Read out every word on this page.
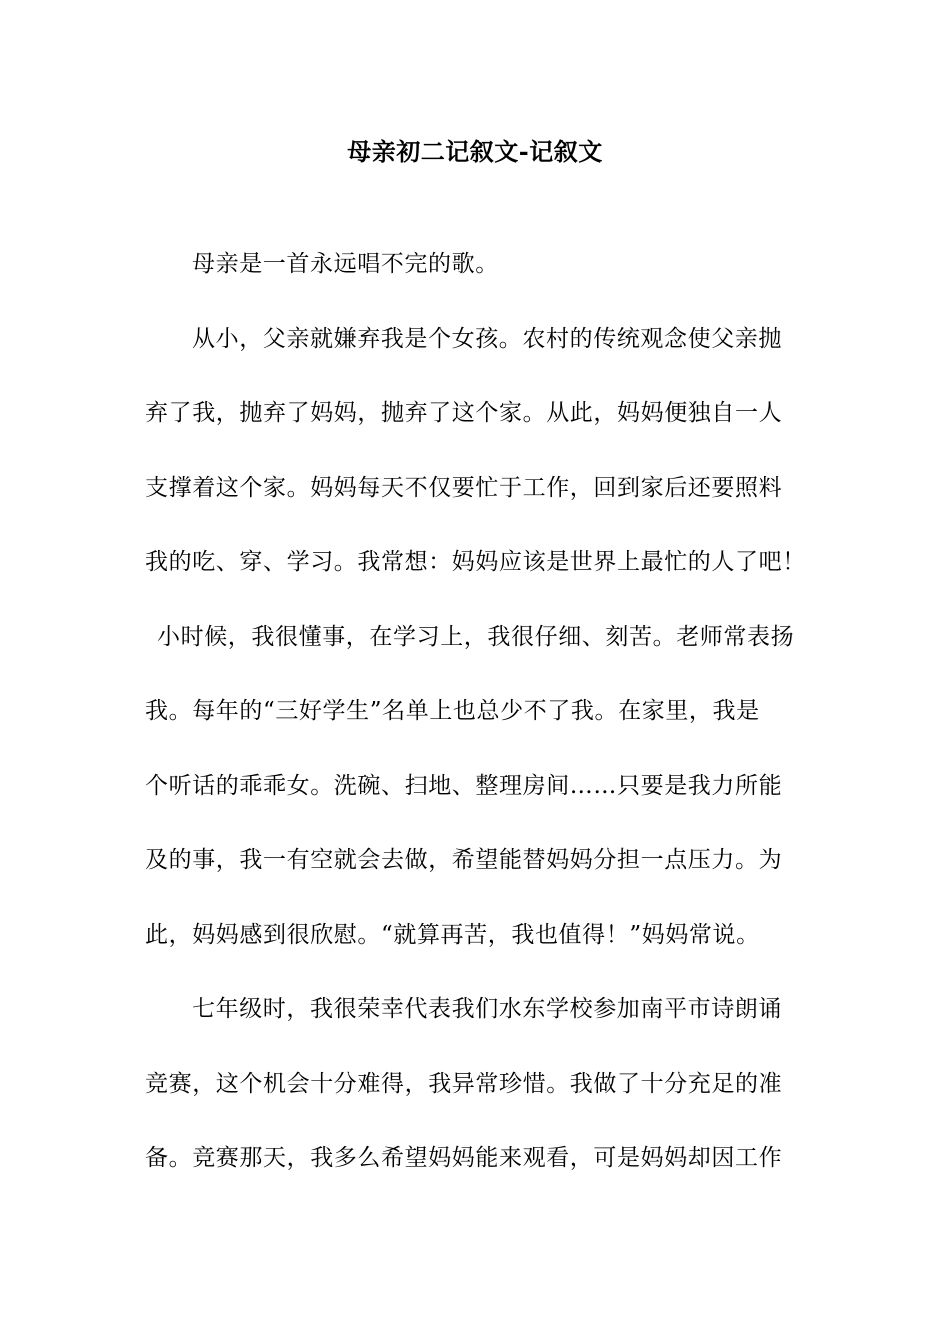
母亲初二记叙文-记叙文
母亲是一首永远唱不完的歌。
从小，父亲就嫌弃我是个女孩。农村的传统观念使父亲抛
弃了我，抛弃了妈妈，抛弃了这个家。从此，妈妈便独自一人
支撑着这个家。妈妈每天不仅要忙于工作，回到家后还要照料
我的吃、穿、学习。我常想：妈妈应该是世界上最忙的人了吧！
小时候，我很懂事，在学习上，我很仔细、刻苦。老师常表扬
我。每年的“三好学生”名单上也总少不了我。在家里，我是
个听话的乖乖女。洗碗、扫地、整理房间……只要是我力所能
及的事，我一有空就会去做，希望能替妈妈分担一点压力。为
此，妈妈感到很欣慰。“就算再苦，我也值得！”妈妈常说。
七年级时，我很荣幸代表我们水东学校参加南平市诗朗诵
竞赛，这个机会十分难得，我异常珍惜。我做了十分充足的准
备。竞赛那天，我多么希望妈妈能来观看，可是妈妈却因工作
